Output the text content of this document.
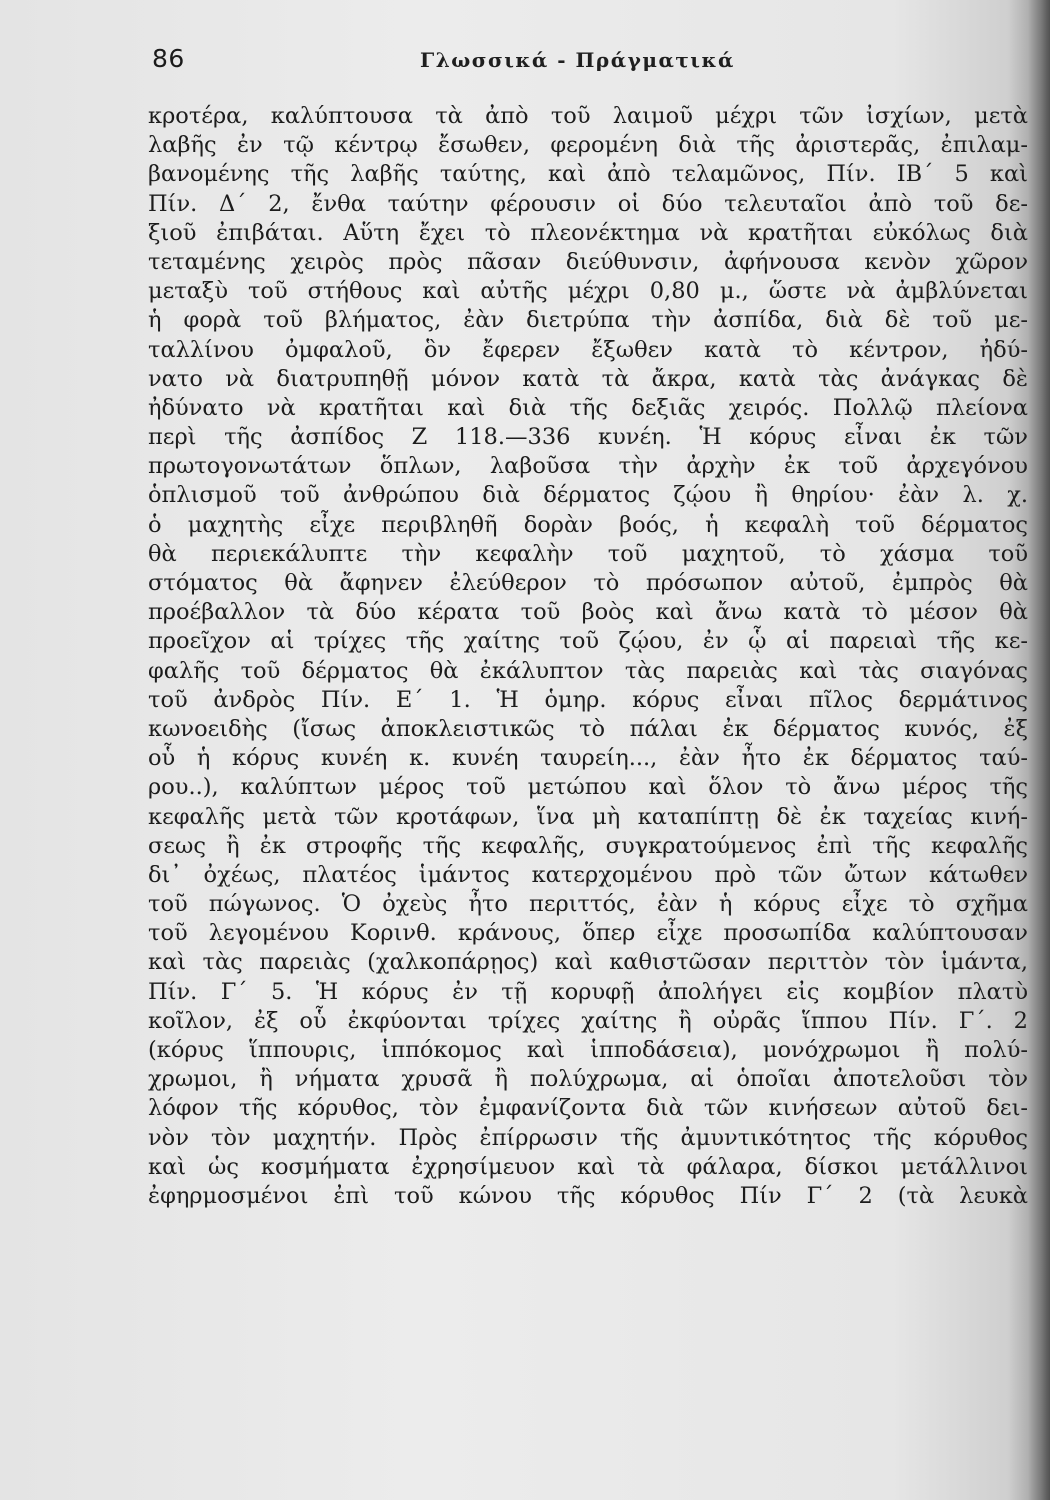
86	Γλωσσικά - Πράγματικά
κροτέρα, καλύπτουσα τὰ ἀπὸ τοῦ λαιμοῦ μέχρι τῶν ἰσχίων, μετὰ
λαβῆς ἐν τῷ κέντρῳ ἔσωθεν, φερομένη διὰ τῆς ἀριστερᾶς, ἐπιλαμ-
βανομένης τῆς λαβῆς ταύτης, καὶ ἀπὸ τελαμῶνος, Πίν. ΙΒ΄ 5 καὶ
Πίν. Δ΄ 2, ἔνθα ταύτην φέρουσιν οἱ δύο τελευταῖοι ἀπὸ τοῦ δε-
ξιοῦ ἐπιβάται. Αὕτη ἔχει τὸ πλεονέκτημα νὰ κρατῆται εὐκόλως διὰ
τεταμένης χειρὸς πρὸς πᾶσαν διεύθυνσιν, ἀφήνουσα κενὸν χῶρον
μεταξὺ τοῦ στήθους καὶ αὐτῆς μέχρι 0,80 μ., ὥστε νὰ ἀμβλύνεται
ἡ φορὰ τοῦ βλήματος, ἐὰν διετρύπα τὴν ἀσπίδα, διὰ δὲ τοῦ με-
ταλλίνου ὀμφαλοῦ, ὃν ἔφερεν ἔξωθεν κατὰ τὸ κέντρον, ἠδύ-
νατο νὰ διατρυπηθῇ μόνον κατὰ τὰ ἄκρα, κατὰ τὰς ἀνάγκας δὲ
ἠδύνατο νὰ κρατῆται καὶ διὰ τῆς δεξιᾶς χειρός. Πολλῷ πλείονα
περὶ τῆς ἀσπίδος Ζ 118.—336 κυνέη. Ἡ κόρυς εἶναι ἐκ τῶν
πρωτογονωτάτων ὅπλων, λαβοῦσα τὴν ἀρχὴν ἐκ τοῦ ἀρχεγόνου
ὁπλισμοῦ τοῦ ἀνθρώπου διὰ δέρματος ζῴου ἢ θηρίου· ἐὰν λ. χ.
ὁ μαχητὴς εἶχε περιβληθῆ δορὰν βοός, ἡ κεφαλὴ τοῦ δέρματος
θὰ περιεκάλυπτε τὴν κεφαλὴν τοῦ μαχητοῦ, τὸ χάσμα τοῦ
στόματος θὰ ἄφηνεν ἐλεύθερον τὸ πρόσωπον αὐτοῦ, ἐμπρὸς θὰ
προέβαλλον τὰ δύο κέρατα τοῦ βοὸς καὶ ἄνω κατὰ τὸ μέσον θὰ
προεῖχον αἱ τρίχες τῆς χαίτης τοῦ ζῴου, ἐν ᾧ αἱ παρειαὶ τῆς κε-
φαλῆς τοῦ δέρματος θὰ ἐκάλυπτον τὰς παρειὰς καὶ τὰς σιαγόνας
τοῦ ἀνδρὸς Πίν. Ε΄ 1. Ἡ ὁμηρ. κόρυς εἶναι πῖλος δερμάτινος
κωνοειδὴς (ἴσως ἀποκλειστικῶς τὸ πάλαι ἐκ δέρματος κυνός, ἐξ
οὗ ἡ κόρυς κυνέη κ. κυνέη ταυρείη..., ἐὰν ἦτο ἐκ δέρματος ταύ-
ρου..), καλύπτων μέρος τοῦ μετώπου καὶ ὅλον τὸ ἄνω μέρος τῆς
κεφαλῆς μετὰ τῶν κροτάφων, ἵνα μὴ καταπίπτῃ δὲ ἐκ ταχείας κινή-
σεως ἢ ἐκ στροφῆς τῆς κεφαλῆς, συγκρατούμενος ἐπὶ τῆς κεφαλῆς
δι᾽ ὀχέως, πλατέος ἱμάντος κατερχομένου πρὸ τῶν ὤτων κάτωθεν
τοῦ πώγωνος. Ὁ ὀχεὺς ἦτο περιττός, ἐὰν ἡ κόρυς εἶχε τὸ σχῆμα
τοῦ λεγομένου Κορινθ. κράνους, ὅπερ εἶχε προσωπίδα καλύπτουσαν
καὶ τὰς παρειὰς (χαλκοπάρῃος) καὶ καθιστῶσαν περιττὸν τὸν ἱμάντα,
Πίν. Γ΄ 5. Ἡ κόρυς ἐν τῇ κορυφῇ ἀπολήγει εἰς κομβίον πλατὺ
κοῖλον, ἐξ οὗ ἐκφύονται τρίχες χαίτης ἢ οὐρᾶς ἵππου Πίν. Γ΄. 2
(κόρυς ἵππουρις, ἱππόκομος καὶ ἱπποδάσεια), μονόχρωμοι ἢ πολύ-
χρωμοι, ἢ νήματα χρυσᾶ ἢ πολύχρωμα, αἱ ὁποῖαι ἀποτελοῦσι τὸν
λόφον τῆς κόρυθος, τὸν ἐμφανίζοντα διὰ τῶν κινήσεων αὐτοῦ δει-
νὸν τὸν μαχητήν. Πρὸς ἐπίρρωσιν τῆς ἀμυντικότητος τῆς κόρυθος
καὶ ὡς κοσμήματα ἐχρησίμευον καὶ τὰ φάλαρα, δίσκοι μετάλλινοι
ἐφηρμοσμένοι ἐπὶ τοῦ κώνου τῆς κόρυθος Πίν Γ΄ 2 (τὰ λευκὰ
